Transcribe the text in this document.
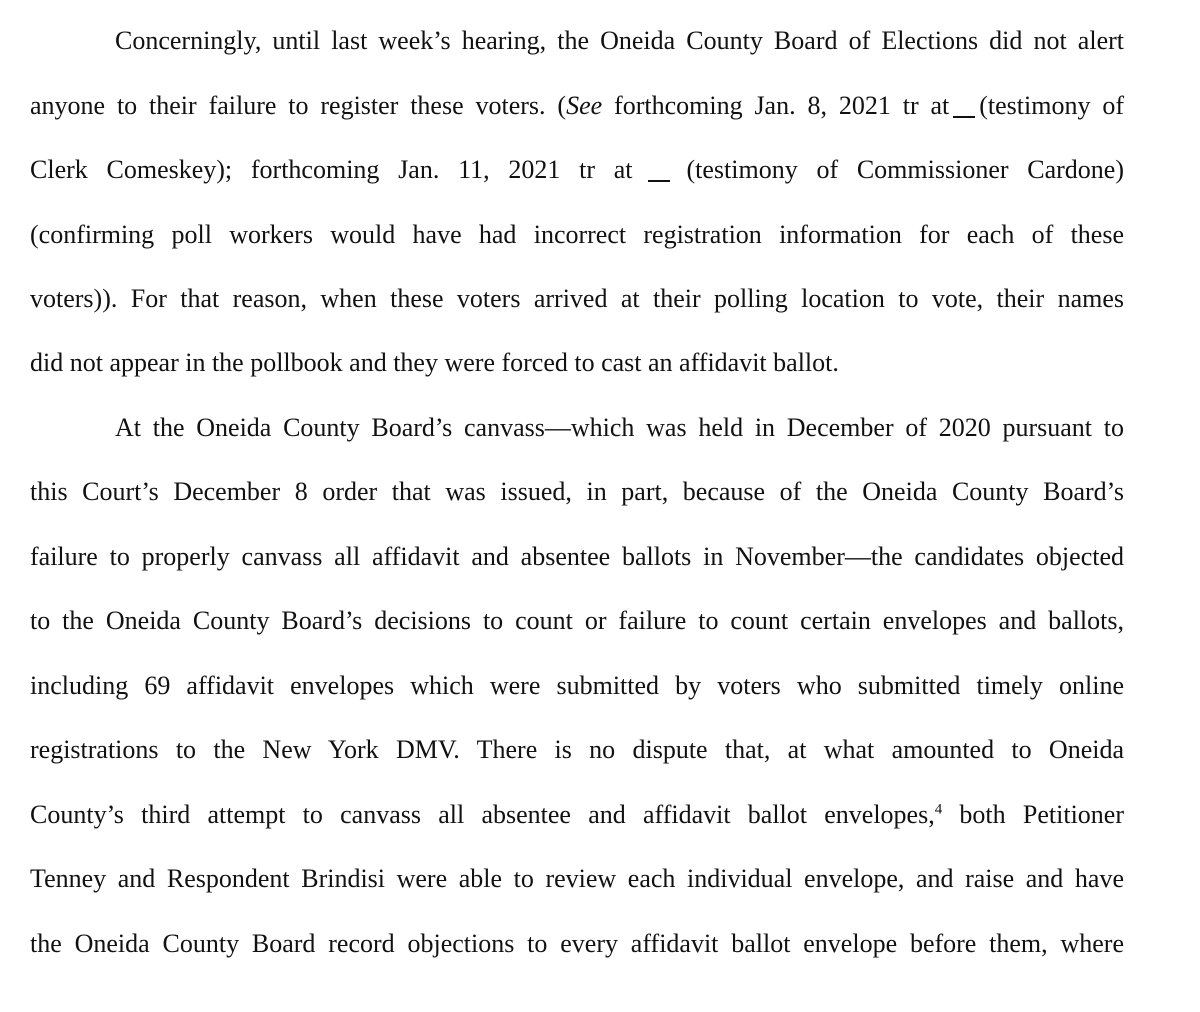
Concerningly, until last week’s hearing, the Oneida County Board of Elections did not alert
anyone to their failure to register these voters. (See forthcoming Jan. 8, 2021 tr at (testimony of
Clerk Comeskey); forthcoming Jan. 11, 2021 tr at (testimony of Commissioner Cardone)
(confirming poll workers would have had incorrect registration information for each of these
voters)). For that reason, when these voters arrived at their polling location to vote, their names
did not appear in the pollbook and they were forced to cast an affidavit ballot.
At the Oneida County Board’s canvass—which was held in December of 2020 pursuant to
this Court’s December 8 order that was issued, in part, because of the Oneida County Board’s
failure to properly canvass all affidavit and absentee ballots in November—the candidates objected
to the Oneida County Board’s decisions to count or failure to count certain envelopes and ballots,
including 69 affidavit envelopes which were submitted by voters who submitted timely online
registrations to the New York DMV. There is no dispute that, at what amounted to Oneida
County’s third attempt to canvass all absentee and affidavit ballot envelopes,$^4$ both Petitioner
Tenney and Respondent Brindisi were able to review each individual envelope, and raise and have
the Oneida County Board record objections to every affidavit ballot envelope before them, where
